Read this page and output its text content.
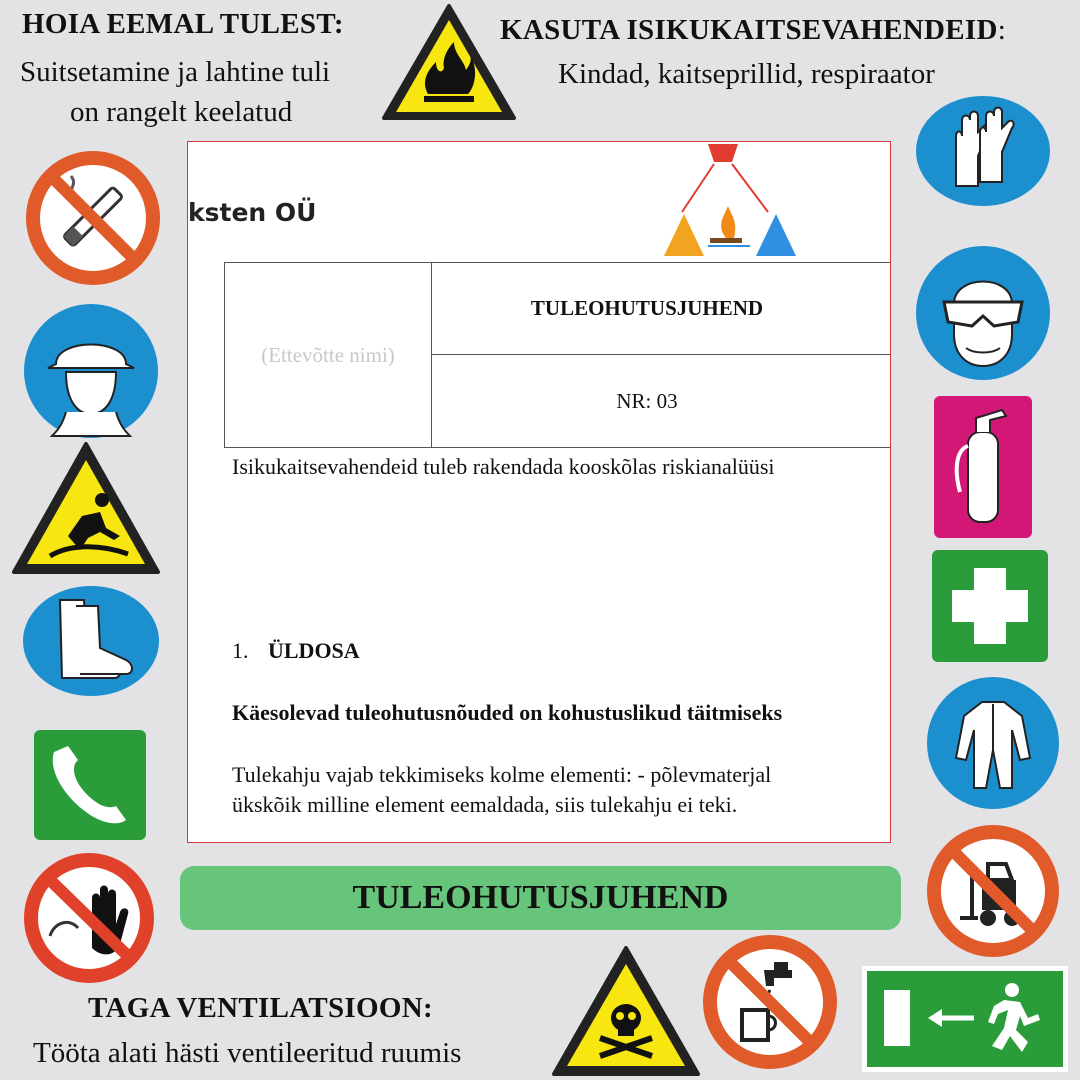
HOIA EEMAL TULEST:
Suitsetamine ja lahtine tuli
on rangelt keelatud
KASUTA ISIKUKAITSEVAHENDEID:
Kindad, kaitseprillid, respiraator
TAGA VENTILATSIOON:
Tööta alati hästi ventileeritud ruumis
ksten OÜ
(Ettevõtte nimi)
TULEOHUTUSJUHEND
NR: 03
Isikukaitsevahendeid tuleb rakendada kooskõlas riskianalüüsi
1. ÜLDOSA
Käesolevad tuleohutusnõuded on kohustuslikud täitmiseks
Tulekahju vajab tekkimiseks kolme elementi: - põlevmaterjal
ükskõik milline element eemaldada, siis tulekahju ei teki.
TULEOHUTUSJUHEND
